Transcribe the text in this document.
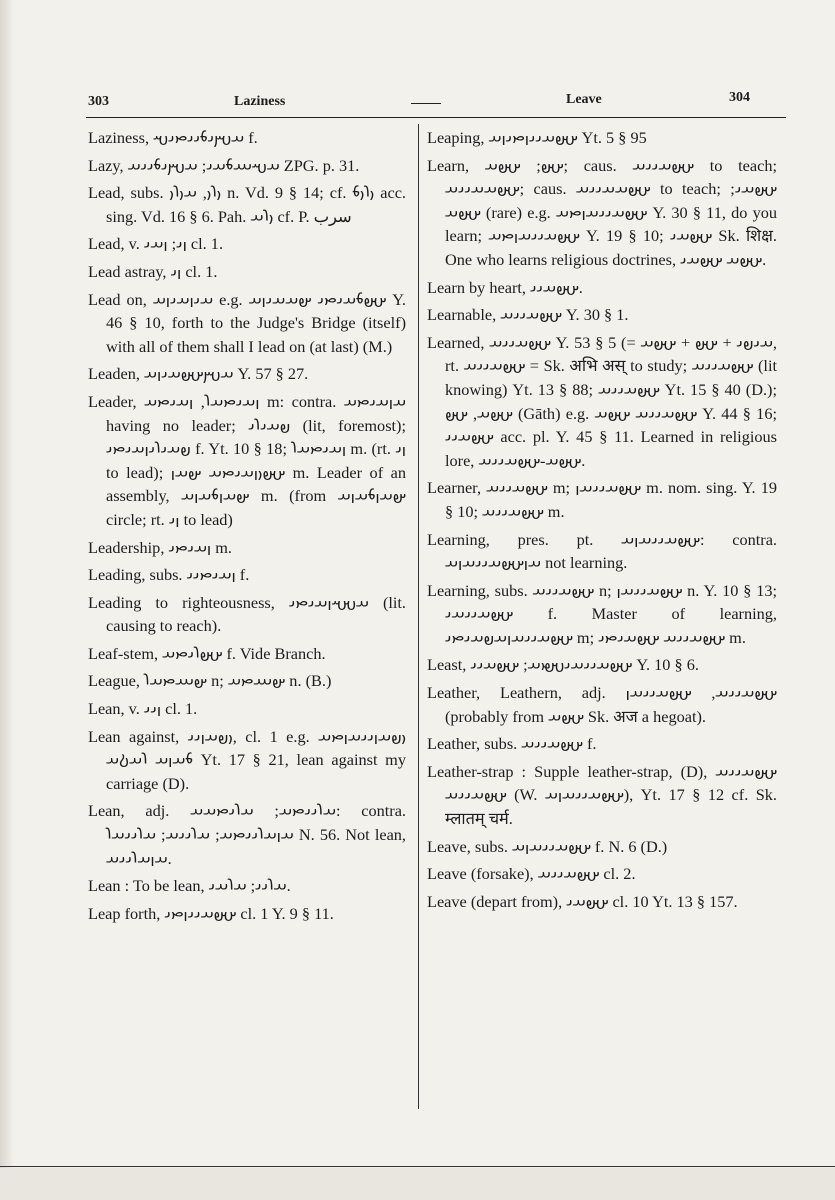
303	Laziness	Leave	304

Laziness, 𐬀𐬫𐬌𐬨𐬌𐬌𐬙𐬌𐬱 f.

Lazy, 𐬀𐬱𐬁𐬨𐬀𐬌; 𐬀𐬫𐬌𐬨𐬌𐬌𐬀 ZPG. p. 31.

Lead, subs. 𐬎𐬭𐬎, 𐬀𐬎𐬭𐬎 n. Vd. 9 § 14; cf. 𐬎𐬭𐬎𐬨 acc. sing. Vd. 16 § 6. Pah. 𐬎𐬭𐬀 cf. P. سرب

Lead, v. 𐬥𐬌; 𐬥𐬀𐬌 cl. 1.

Lead astray, 𐬥𐬌 cl. 1.

Lead on, 𐬀𐬌𐬥𐬀𐬌𐬥𐬀 e.g. 𐬀𐬵𐬨𐬀𐬌𐬙𐬌 𐬵𐬀𐬀𐬌𐬥𐬀 Y. 46 § 10, forth to the Judge's Bridge (itself) with all of them shall I lead on (at last) (M.)

Leaden, 𐬀𐬫𐬀𐬵𐬀𐬌𐬥𐬀 Y. 57 § 27.

Leader, 𐬥𐬀𐬌𐬙𐬀𐬭, 𐬥𐬀𐬌𐬙𐬀 m: contra. 𐬀𐬥𐬀𐬌𐬙𐬀 having no leader; 𐬞𐬀𐬌𐬭𐬌 (lit, foremost); 𐬞𐬀𐬌𐬭𐬌𐬥𐬀𐬌𐬙𐬌 f. Yt. 10 § 18; 𐬥𐬀𐬌𐬙𐬀𐬭 m. (rt. 𐬥𐬌 to lead); 𐬀𐬵𐬎𐬥𐬀𐬌𐬙𐬀 𐬵𐬀𐬥 m. Leader of an assembly, 𐬵𐬀𐬥𐬨𐬀𐬥𐬀 m. (from 𐬵𐬀𐬥𐬨𐬀𐬥𐬀 circle; rt. 𐬥𐬌 to lead)

Leadership, 𐬥𐬀𐬌𐬙𐬌 m.

Leading, subs. 𐬥𐬀𐬌𐬙𐬌𐬌 f.

Leading to righteousness, 𐬀𐬱𐬀𐬥𐬀𐬌𐬙𐬌 (lit. causing to reach).

Leaf-stem, 𐬀𐬵𐬭𐬌𐬙𐬀 f. Vide Branch.

League, 𐬵𐬁𐬙𐬀𐬭 n; 𐬵𐬁𐬙𐬀 n. (B.)

Lean, v. 𐬥𐬌𐬌 cl. 1.

Lean against, 𐬎𐬞𐬀𐬥𐬌𐬌, cl. 1 e.g. 𐬎𐬞𐬀𐬥𐬌𐬌𐬀𐬥𐬙𐬀 𐬨𐬀𐬥𐬀 𐬭𐬀𐬚𐬀 Yt. 17 § 21, lean against my carriage (D).

Lean, adj. 𐬀𐬭𐬌𐬌𐬙𐬀; 𐬀𐬭𐬌𐬙𐬀𐬀: contra. 𐬀𐬥𐬀𐬭𐬌𐬌𐬙𐬀; 𐬀𐬭𐬌𐬌𐬀; 𐬀𐬭𐬌𐬌𐬀𐬭 N. 56. Not lean, 𐬀𐬥𐬀𐬭𐬌𐬌𐬀.

Lean : To be lean, 𐬀𐬭𐬌𐬌; 𐬀𐬭𐬀𐬌.

Leap forth, 𐬀𐬵𐬀𐬌𐬌𐬥𐬙𐬌 cl. 1 Y. 9 § 11.

Leaping, 𐬀𐬵𐬀𐬌𐬌𐬥𐬙𐬌𐬥𐬀 Yt. 5 § 95

Learn, 𐬀𐬵; 𐬀𐬵𐬀; caus. 𐬀𐬵𐬀𐬌𐬌𐬀 to teach; 𐬀𐬵𐬀𐬀𐬌𐬌𐬀; caus. 𐬀𐬵𐬀𐬀𐬌𐬌𐬀 to teach; 𐬀𐬵𐬀𐬌; 𐬀𐬵𐬀 (rare) e.g. 𐬀𐬵𐬀𐬌𐬌𐬀𐬥𐬙𐬀 Y. 30 § 11, do you learn; 𐬀𐬵𐬀𐬌𐬌𐬀𐬥𐬙𐬀 Y. 19 § 10; 𐬀𐬵𐬀𐬌 Sk. शिक्ष. One who learns religious doctrines, 𐬀𐬵𐬀 𐬀𐬵𐬀𐬌.

Learn by heart, 𐬀𐬵𐬀𐬌𐬌.

Learnable, 𐬀𐬵𐬀𐬌𐬌𐬀 Y. 30 § 1.

Learned, 𐬀𐬵𐬀𐬌𐬌𐬀 Y. 53 § 5 (= 𐬀𐬌𐬞𐬌 + 𐬀𐬵 + 𐬀𐬵𐬀, rt. 𐬀𐬵𐬀𐬌𐬌𐬀 = Sk. अभि अस् to study; 𐬀𐬵𐬀𐬌𐬌𐬀 (lit knowing) Yt. 13 § 88; 𐬀𐬵𐬀𐬌𐬌𐬀 Yt. 15 § 40 (D.); 𐬀𐬵𐬀, 𐬀𐬵 (Gāth) e.g. 𐬀𐬵𐬀𐬌𐬌𐬀 𐬀𐬵𐬀 Y. 44 § 16; 𐬀𐬵𐬀𐬌𐬌 acc. pl. Y. 45 § 11. Learned in religious lore, 𐬀𐬵𐬀-𐬀𐬵𐬀𐬌𐬌𐬀.

Learner, 𐬀𐬵𐬀𐬌𐬌𐬀 m; 𐬀𐬵𐬀𐬌𐬌𐬀𐬥 m. nom. sing. Y. 19 § 10; 𐬀𐬵𐬀𐬌𐬌𐬀 m.

Learning, pres. pt. 𐬀𐬵𐬀𐬌𐬌𐬀𐬥𐬀: contra. 𐬀𐬥𐬀𐬵𐬀𐬌𐬌𐬀𐬥𐬀 not learning.

Learning, subs. 𐬀𐬵𐬀𐬌𐬌𐬀 n; 𐬀𐬵𐬀𐬌𐬌𐬀𐬥 n. Y. 10 § 13; 𐬀𐬵𐬀𐬌𐬌𐬀𐬌 f. Master of learning, 𐬀𐬵𐬀𐬌𐬌𐬀𐬥𐬀𐬞𐬀𐬌𐬙𐬌 m; 𐬀𐬵𐬀𐬌𐬌𐬀 𐬀𐬵𐬀𐬌𐬙𐬌 m.

Least, 𐬀𐬵𐬀𐬌𐬌𐬀𐬌𐬱𐬙𐬀; 𐬀𐬵𐬀𐬌𐬌 Y. 10 § 6.

Leather, Leathern, adj. 𐬀𐬵𐬀𐬌𐬌𐬀, 𐬀𐬵𐬀𐬌𐬌𐬀𐬥 (probably from 𐬀𐬵𐬀 Sk. अज a hegoat).

Leather, subs. 𐬀𐬵𐬀𐬌𐬌𐬀 f.

Leather-strap : Supple leather-strap, (D), 𐬀𐬵𐬀𐬌𐬌𐬀 𐬀𐬵𐬀𐬌𐬌𐬀 (W. 𐬀𐬵𐬀𐬌𐬌𐬀𐬥𐬀), Yt. 17 § 12 cf. Sk. म्लातम् चर्म.

Leave, subs. 𐬀𐬵𐬀𐬌𐬌𐬀𐬥𐬀 f. N. 6 (D.)

Leave (forsake), 𐬀𐬵𐬀𐬌𐬌𐬀 cl. 2.

Leave (depart from), 𐬀𐬵𐬀𐬌 cl. 10 Yt. 13 § 157.
